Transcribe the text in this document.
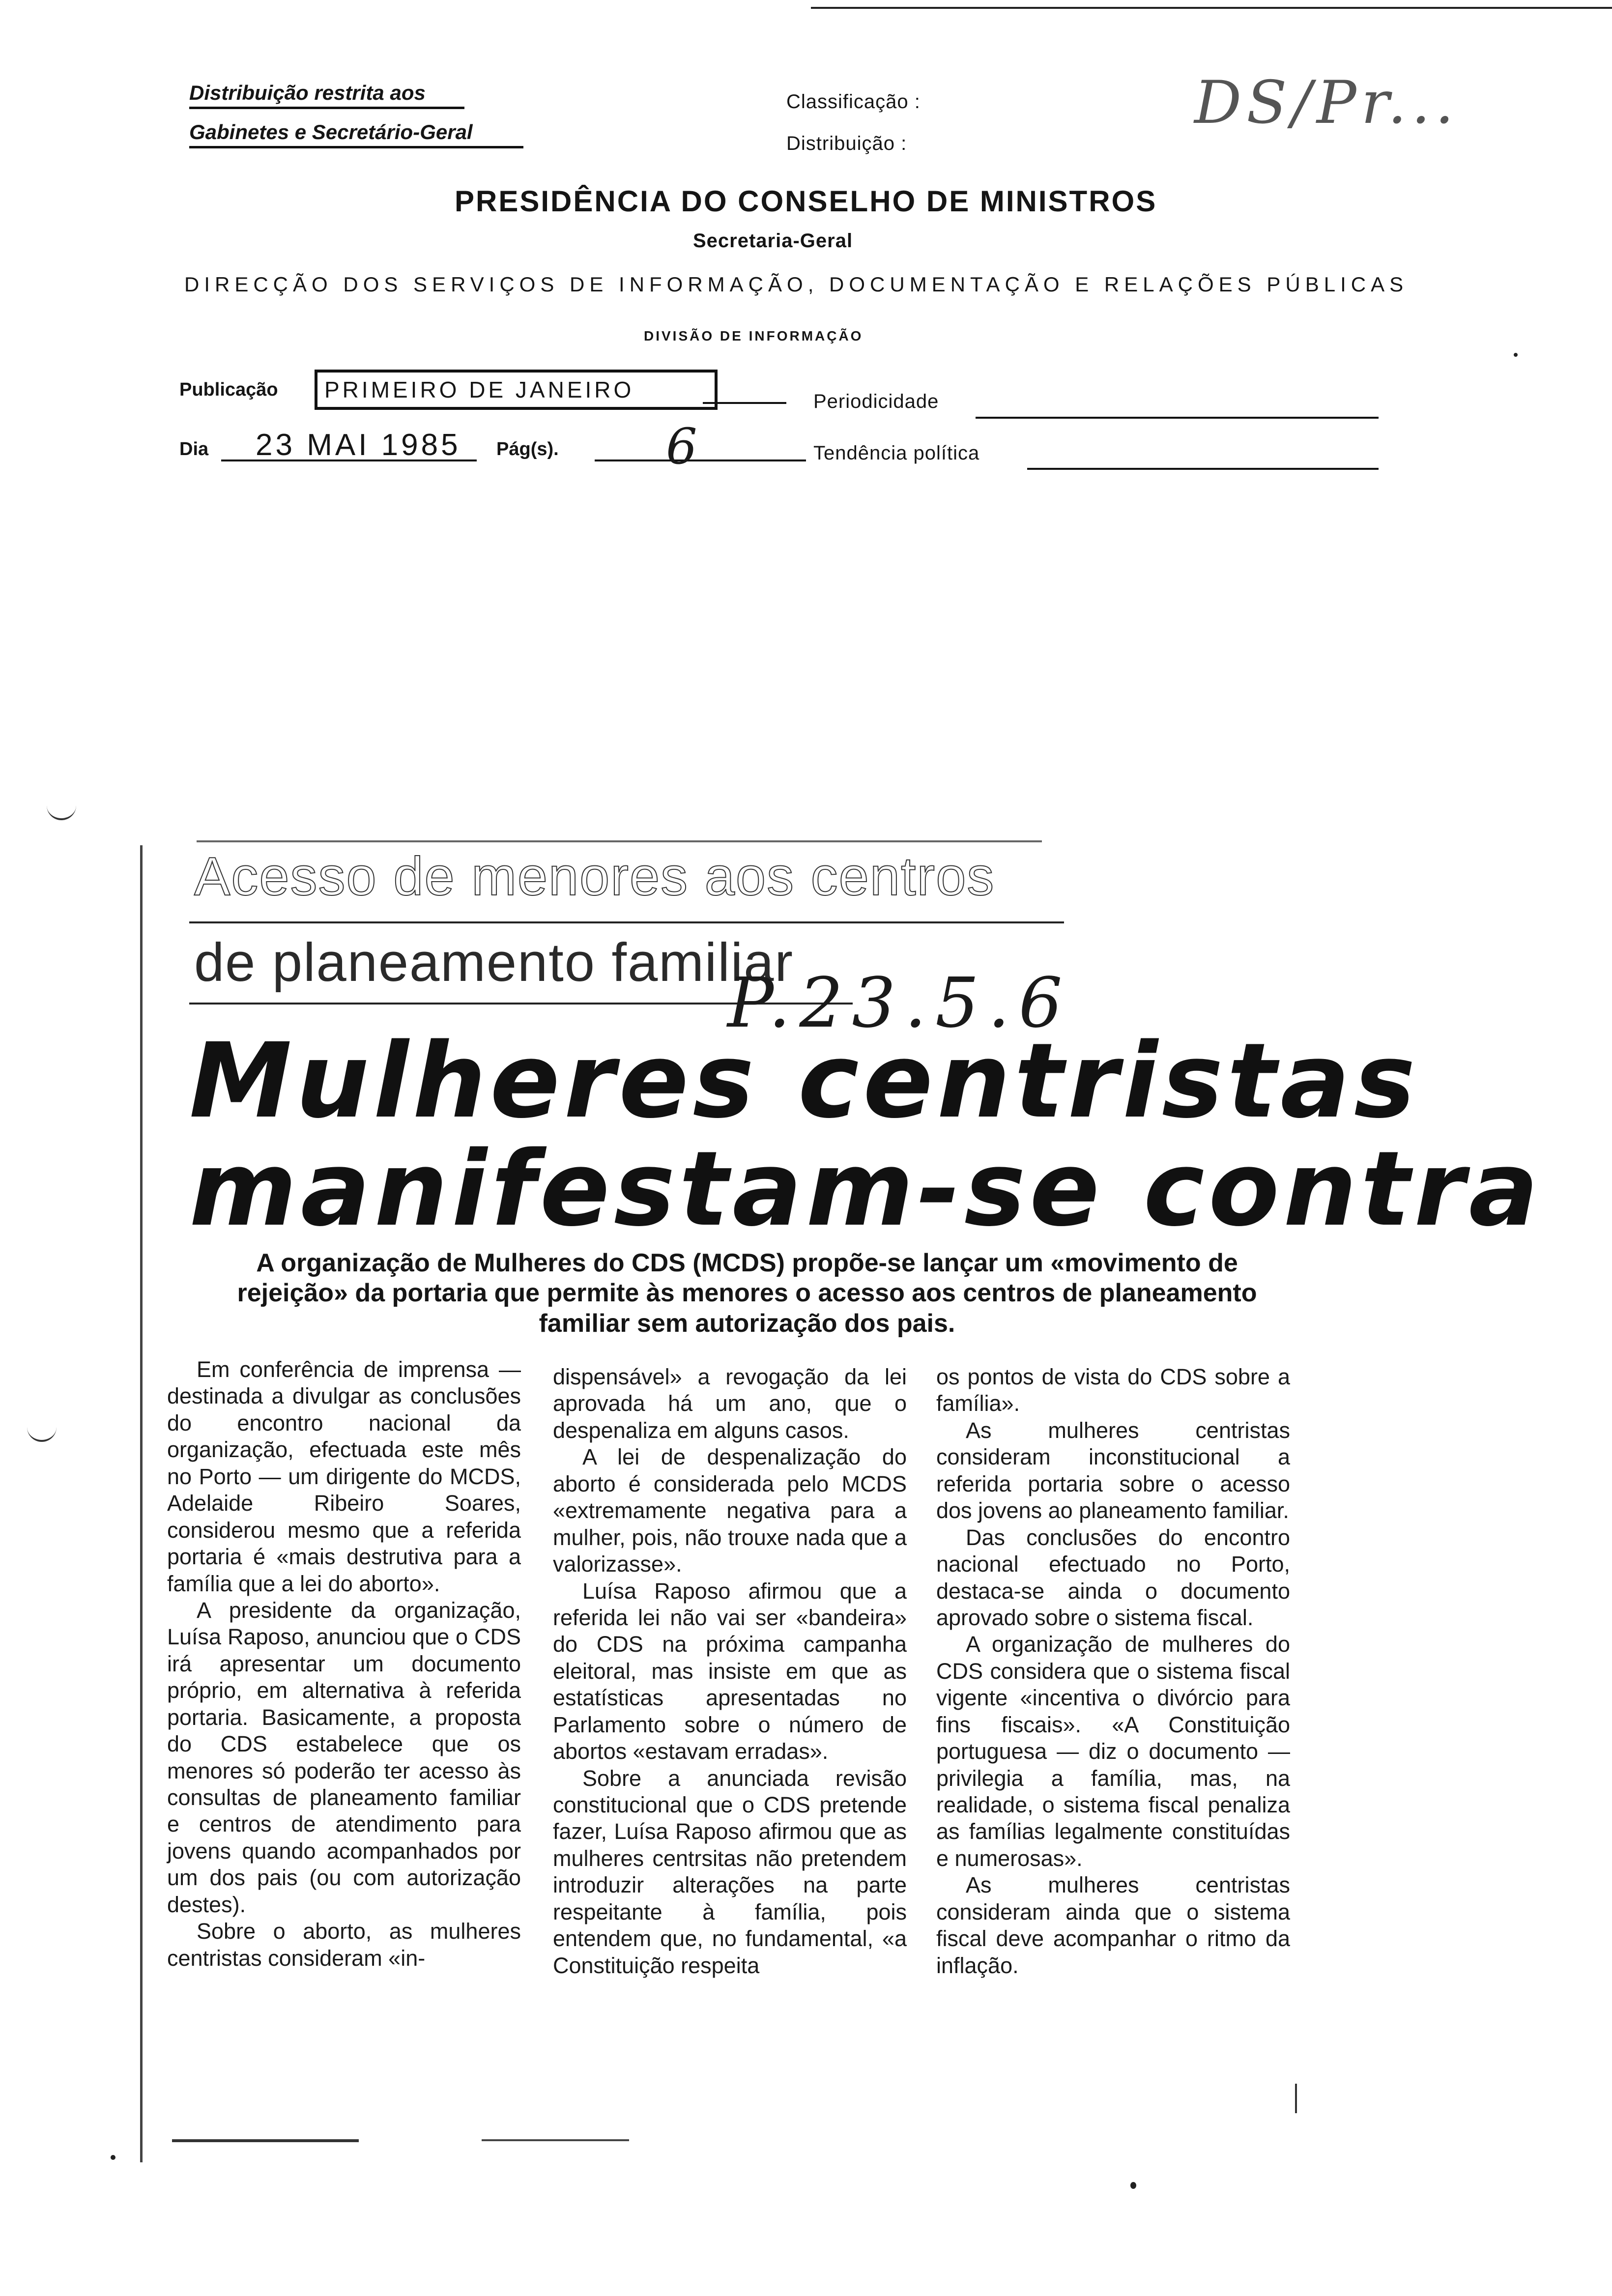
Distribuição restrita aos
Gabinetes e Secretário-Geral
Classificação :
Distribuição :
DS/Pr...
PRESIDÊNCIA DO CONSELHO DE MINISTROS
Secretaria-Geral
DIRECÇÃO DOS SERVIÇOS DE INFORMAÇÃO, DOCUMENTAÇÃO E RELAÇÕES PÚBLICAS
DIVISÃO DE INFORMAÇÃO
Publicação	PRIMEIRO DE JANEIRO	Periodicidade
Dia 23 MAI 1985 Pág(s). 6	Tendência política
Acesso de menores aos centros
de planeamento familiar
P.23.5.6
Mulheres centristas
manifestam-se contra
A organização de Mulheres do CDS (MCDS) propõe-se lançar um «movimento de rejeição» da portaria que permite às menores o acesso aos centros de planeamento familiar sem autorização dos pais.

Em conferência de imprensa — destinada a divulgar as conclusões do encontro nacional da organização, efectuada este mês no Porto — um dirigente do MCDS, Adelaide Ribeiro Soares, considerou mesmo que a referida portaria é «mais destrutiva para a família que a lei do aborto».

A presidente da organização, Luísa Raposo, anunciou que o CDS irá apresentar um documento próprio, em alternativa à referida portaria. Basicamente, a proposta do CDS estabelece que os menores só poderão ter acesso às consultas de planeamento familiar e centros de atendimento para jovens quando acompanhados por um dos pais (ou com autorização destes).

Sobre o aborto, as mulheres centristas consideram «in-

dispensável» a revogação da lei aprovada há um ano, que o despenaliza em alguns casos.

A lei de despenalização do aborto é considerada pelo MCDS «extremamente negativa para a mulher, pois, não trouxe nada que a valorizasse».

Luísa Raposo afirmou que a referida lei não vai ser «bandeira» do CDS na próxima campanha eleitoral, mas insiste em que as estatísticas apresentadas no Parlamento sobre o número de abortos «estavam erradas».

Sobre a anunciada revisão constitucional que o CDS pretende fazer, Luísa Raposo afirmou que as mulheres centrsitas não pretendem introduzir alterações na parte respeitante à família, pois entendem que, no fundamental, «a Constituição respeita

os pontos de vista do CDS sobre a família».

As mulheres centristas consideram inconstitucional a referida portaria sobre o acesso dos jovens ao planeamento familiar.

Das conclusões do encontro nacional efectuado no Porto, destaca-se ainda o documento aprovado sobre o sistema fiscal.

A organização de mulheres do CDS considera que o sistema fiscal vigente «incentiva o divórcio para fins fiscais». «A Constituição portuguesa — diz o documento — privilegia a família, mas, na realidade, o sistema fiscal penaliza as famílias legalmente constituídas e numerosas».

As mulheres centristas consideram ainda que o sistema fiscal deve acompanhar o ritmo da inflação.
